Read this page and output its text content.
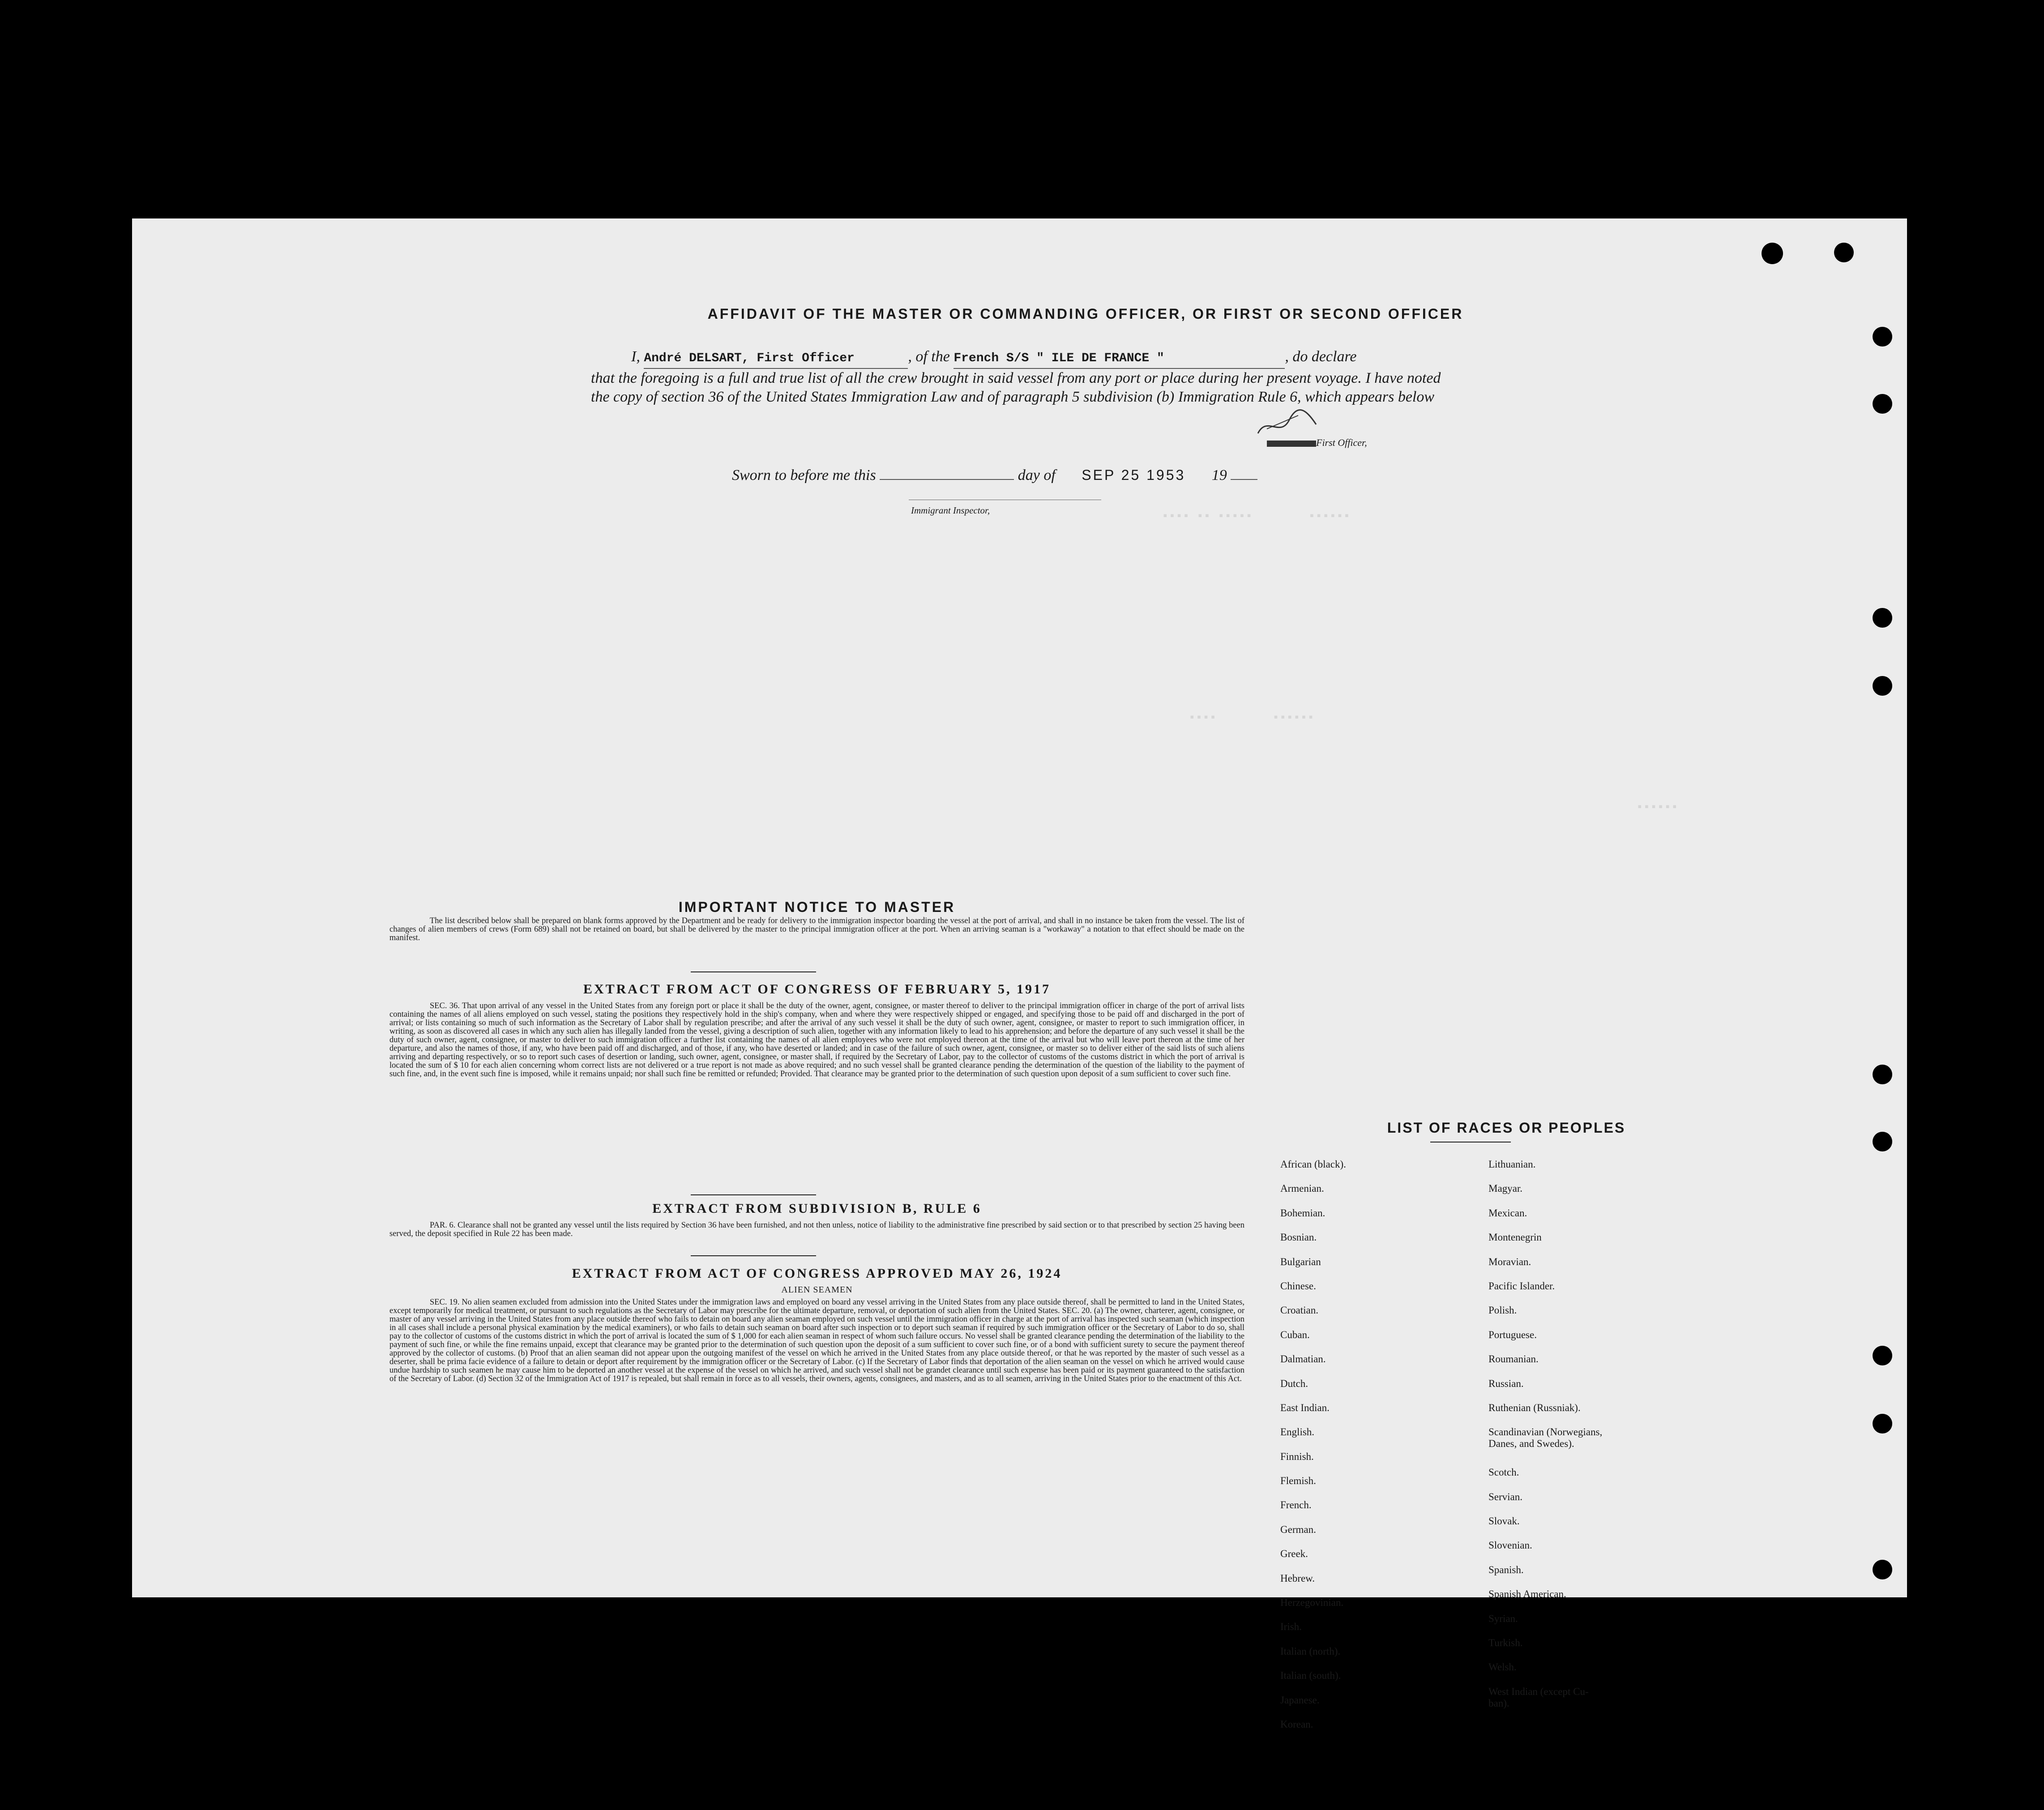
▪▪▪▪ ▪▪ ▪▪▪▪▪        ▪▪▪▪▪▪
▪▪▪▪        ▪▪▪▪▪▪
▪▪▪▪▪▪
AFFIDAVIT OF THE MASTER OR COMMANDING OFFICER, OR FIRST OR SECOND OFFICER
I, André DELSART, First Officer	, of the French S/S " ILE DE FRANCE "	, do declare
that the foregoing is a full and true list of all the crew brought in said vessel from any port or place during her present voyage. I have noted the copy of section 36 of the United States Immigration Law and of paragraph 5 subdivision (b) Immigration Rule 6, which appears below
First Officer,
Sworn to before me this	day of SEP 25 1953 19
Immigrant Inspector,
IMPORTANT NOTICE TO MASTER
The list described below shall be prepared on blank forms approved by the Department and be ready for delivery to the immigration inspector boarding the vessel at the port of arrival, and shall in no instance be taken from the vessel. The list of changes of alien members of crews (Form 689) shall not be retained on board, but shall be delivered by the master to the principal immigration officer at the port. When an arriving seaman is a "workaway" a notation to that effect should be made on the manifest.
EXTRACT FROM ACT OF CONGRESS OF FEBRUARY 5, 1917
SEC. 36. That upon arrival of any vessel in the United States from any foreign port or place it shall be the duty of the owner, agent, consignee, or master thereof to deliver to the principal immigration officer in charge of the port of arrival lists containing the names of all aliens employed on such vessel, stating the positions they respectively hold in the ship's company, when and where they were respectively shipped or engaged, and specifying those to be paid off and discharged in the port of arrival; or lists containing so much of such information as the Secretary of Labor shall by regulation prescribe; and after the arrival of any such vessel it shall be the duty of such owner, agent, consignee, or master to report to such immigration officer, in writing, as soon as discovered all cases in which any such alien has illegally landed from the vessel, giving a description of such alien, together with any information likely to lead to his apprehension; and before the departure of any such vessel it shall be the duty of such owner, agent, consignee, or master to deliver to such immigration officer a further list containing the names of all alien employees who were not employed thereon at the time of the arrival but who will leave port thereon at the time of her departure, and also the names of those, if any, who have been paid off and discharged, and of those, if any, who have deserted or landed; and in case of the failure of such owner, agent, consignee, or master so to deliver either of the said lists of such aliens arriving and departing respectively, or so to report such cases of desertion or landing, such owner, agent, consignee, or master shall, if required by the Secretary of Labor, pay to the collector of customs of the customs district in which the port of arrival is located the sum of $ 10 for each alien concerning whom correct lists are not delivered or a true report is not made as above required; and no such vessel shall be granted clearance pending the determination of the question of the liability to the payment of such fine, and, in the event such fine is imposed, while it remains unpaid; nor shall such fine be remitted or refunded; Provided. That clearance may be granted prior to the determination of such question upon deposit of a sum sufficient to cover such fine.
EXTRACT FROM SUBDIVISION B, RULE 6
PAR. 6. Clearance shall not be granted any vessel until the lists required by Section 36 have been furnished, and not then unless, notice of liability to the administrative fine prescribed by said section or to that prescribed by section 25 having been served, the deposit specified in Rule 22 has been made.
EXTRACT FROM ACT OF CONGRESS APPROVED MAY 26, 1924
ALIEN SEAMEN
SEC. 19. No alien seamen excluded from admission into the United States under the immigration laws and employed on board any vessel arriving in the United States from any place outside thereof, shall be permitted to land in the United States, except temporarily for medical treatment, or pursuant to such regulations as the Secretary of Labor may prescribe for the ultimate departure, removal, or deportation of such alien from the United States. SEC. 20. (a) The owner, charterer, agent, consignee, or master of any vessel arriving in the United States from any place outside thereof who fails to detain on board any alien seaman employed on such vessel until the immigration officer in charge at the port of arrival has inspected such seaman (which inspection in all cases shall include a personal physical examination by the medical examiners), or who fails to detain such seaman on board after such inspection or to deport such seaman if required by such immigration officer or the Secretary of Labor to do so, shall pay to the collector of customs of the customs district in which the port of arrival is located the sum of $ 1,000 for each alien seaman in respect of whom such failure occurs. No vessel shall be granted clearance pending the determination of the liability to the payment of such fine, or while the fine remains unpaid, except that clearance may be granted prior to the determination of such question upon the deposit of a sum sufficient to cover such fine, or of a bond with sufficient surety to secure the payment thereof approved by the collector of customs. (b) Proof that an alien seaman did not appear upon the outgoing manifest of the vessel on which he arrived in the United States from any place outside thereof, or that he was reported by the master of such vessel as a deserter, shall be prima facie evidence of a failure to detain or deport after requirement by the immigration officer or the Secretary of Labor. (c) If the Secretary of Labor finds that deportation of the alien seaman on the vessel on which he arrived would cause undue hardship to such seamen he may cause him to be deported an another vessel at the expense of the vessel on which he arrived, and such vessel shall not be grandet clearance until such expense has been paid or its payment guaranteed to the satisfaction of the Secretary of Labor. (d) Section 32 of the Immigration Act of 1917 is repealed, but shall remain in force as to all vessels, their owners, agents, consignees, and masters, and as to all seamen, arriving in the United States prior to the enactment of this Act.
LIST OF RACES OR PEOPLES
African (black).
Armenian.
Bohemian.
Bosnian.
Bulgarian
Chinese.
Croatian.
Cuban.
Dalmatian.
Dutch.
East Indian.
English.
Finnish.
Flemish.
French.
German.
Greek.
Hebrew.
Herzegovinian.
Irish.
Italian (north).
Italian (south).
Japanese.
Korean.
Lithuanian.
Magyar.
Mexican.
Montenegrin
Moravian.
Pacific Islander.
Polish.
Portuguese.
Roumanian.
Russian.
Ruthenian (Russniak).
Scandinavian (Norwegians,
Danes, and Swedes).
Scotch.
Servian.
Slovak.
Slovenian.
Spanish.
Spanish American.
Syrian.
Turkish.
Welsh.
West Indian (except Cu-
ban).
